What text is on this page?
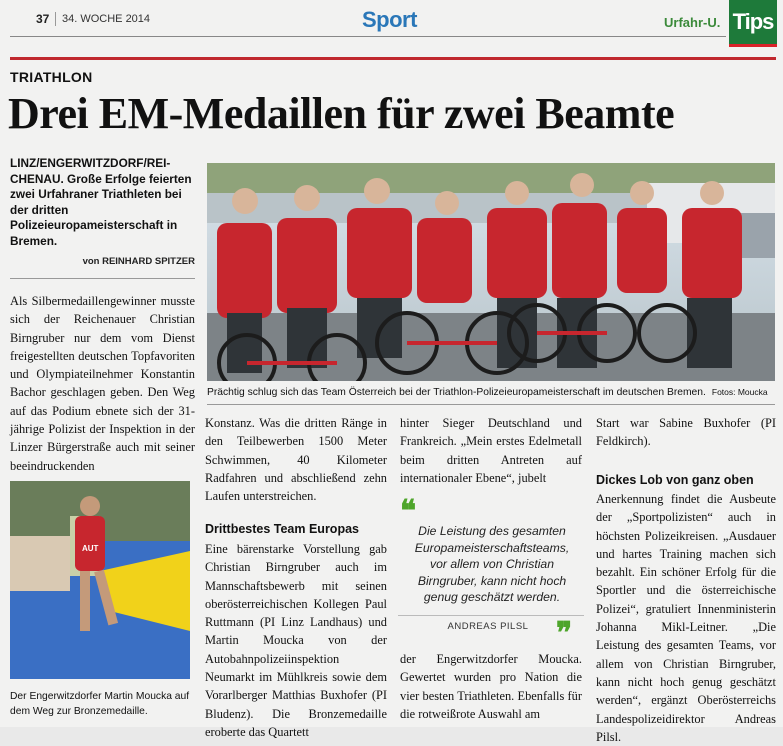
37 34. WOCHE 2014	Sport	Urfahr-U. Tips
TRIATHLON
Drei EM-Medaillen für zwei Beamte
LINZ/ENGERWITZDORF/REI-CHENAU. Große Erfolge feierten zwei Urfahraner Triathleten bei der dritten Polizeieuropameisterschaft in Bremen.
von REINHARD SPITZER
Als Silbermedaillengewinner musste sich der Reichenauer Christian Birngruber nur dem vom Dienst freigestellten deutschen Topfavoriten und Olympiateilnehmer Konstantin Bachor geschlagen geben. Den Weg auf das Podium ebnete sich der 31-jährige Polizist der Inspektion in der Linzer Bürgerstraße auch mit seiner beeindruckenden
Prächtig schlug sich das Team Österreich bei der Triathlon-Polizeieuropameisterschaft im deutschen Bremen. Fotos: Moucka
AUT
Der Engerwitzdorfer Martin Moucka auf dem Weg zur Bronzemedaille.
Konstanz. Was die dritten Ränge in den Teilbewerben 1500 Meter Schwimmen, 40 Kilometer Radfahren und abschließend zehn Laufen unterstreichen.
Drittbestes Team Europas
Eine bärenstarke Vorstellung gab Christian Birngruber auch im Mannschaftsbewerb mit seinen oberösterreichischen Kollegen Paul Ruttmann (PI Linz Landhaus) und Martin Moucka von der Autobahnpolizeiinspektion Neumarkt im Mühlkreis sowie dem Vorarlberger Matthias Buxhofer (PI Bludenz). Die Bronzemedaille eroberte das Quartett
hinter Sieger Deutschland und Frankreich. „Mein erstes Edelmetall beim dritten Antreten auf internationaler Ebene“, jubelt
❝
Die Leistung des gesamten Europameisterschaftsteams, vor allem von Christian Birngruber, kann nicht hoch genug geschätzt werden.
ANDREAS PILSL ❞
der Engerwitzdorfer Moucka. Gewertet wurden pro Nation die vier besten Triathleten. Ebenfalls für die rotweißrote Auswahl am
Start war Sabine Buxhofer (PI Feldkirch).
Dickes Lob von ganz oben
Anerkennung findet die Ausbeute der „Sportpolizisten“ auch in höchsten Polizeikreisen. „Ausdauer und hartes Training machen sich bezahlt. Ein schöner Erfolg für die Sportler und die österreichische Polizei“, gratuliert Innenministerin Johanna Mikl-Leitner. „Die Leistung des gesamten Teams, vor allem von Christian Birngruber, kann nicht hoch genug geschätzt werden“, ergänzt Oberösterreichs Landespolizeidirektor Andreas Pilsl.
